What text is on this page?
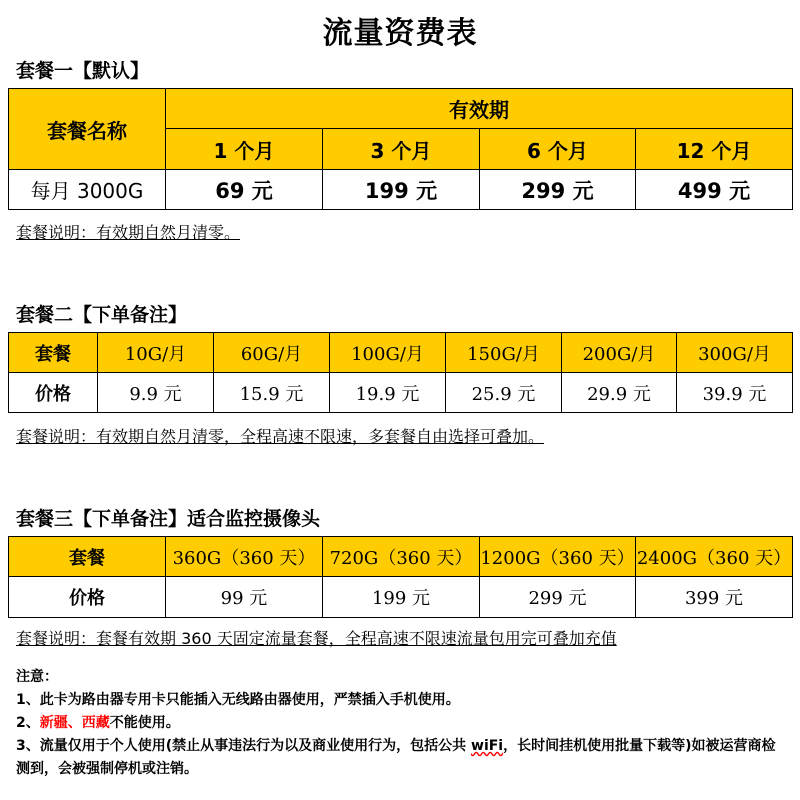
流量资费表
套餐一【默认】
套餐名称	有效期			
	1 个月	3 个月	6 个月	12 个月
每月 3000G	69 元	199 元	299 元	499 元
套餐说明：有效期自然月清零。
套餐二【下单备注】
套餐	10G/月	60G/月	100G/月	150G/月	200G/月	300G/月
价格	9.9 元	15.9 元	19.9 元	25.9 元	29.9 元	39.9 元
套餐说明：有效期自然月清零，全程高速不限速，多套餐自由选择可叠加。
套餐三【下单备注】适合监控摄像头
套餐	360G（360 天）	720G（360 天）	1200G（360 天）	2400G（360 天）
价格	99 元	199 元	299 元	399 元
套餐说明：套餐有效期 360 天固定流量套餐，全程高速不限速流量包用完可叠加充值
注意：
1、此卡为路由器专用卡只能插入无线路由器使用，严禁插入手机使用。
2、新疆、西藏不能使用。
3、流量仅用于个人使用(禁止从事违法行为以及商业使用行为，包括公共 wiFi，长时间挂机使用批量下载等)如被运营商检测到，会被强制停机或注销。
